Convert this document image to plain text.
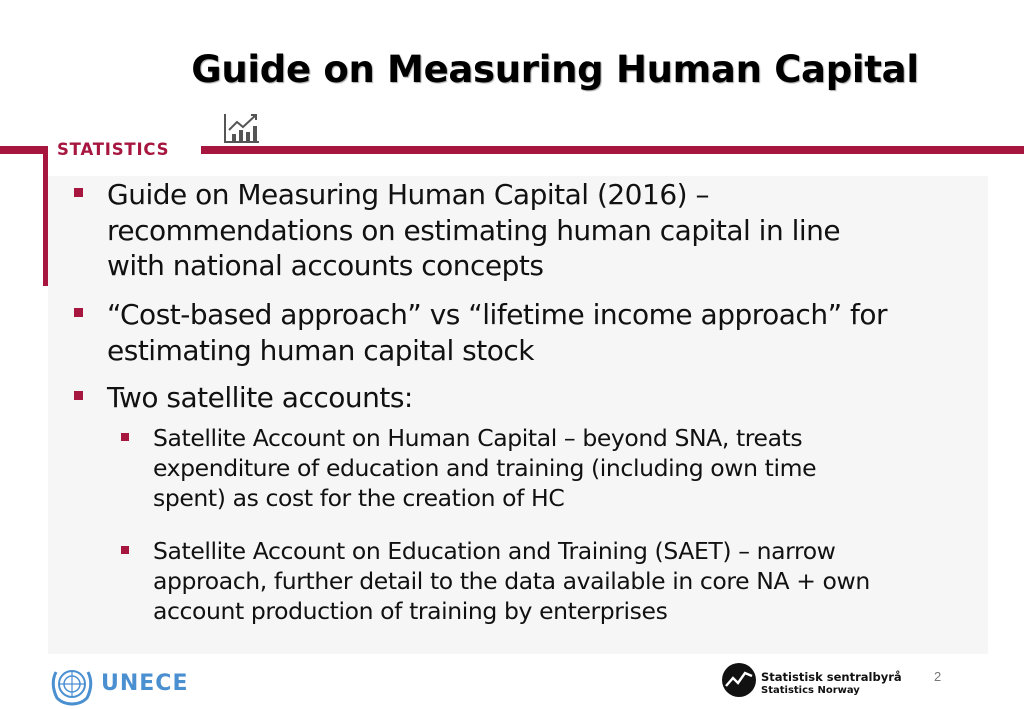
Guide on Measuring Human Capital
STATISTICS
Guide on Measuring Human Capital (2016) –
recommendations on estimating human capital in line
with national accounts concepts
“Cost-based approach” vs “lifetime income approach” for
estimating human capital stock
Two satellite accounts:
Satellite Account on Human Capital – beyond SNA, treats
expenditure of education and training (including own time
spent) as cost for the creation of HC
Satellite Account on Education and Training (SAET) – narrow
approach, further detail to the data available in core NA + own
account production of training by enterprises
UNECE	Statistisk sentralbyrå
Statistics Norway
2
